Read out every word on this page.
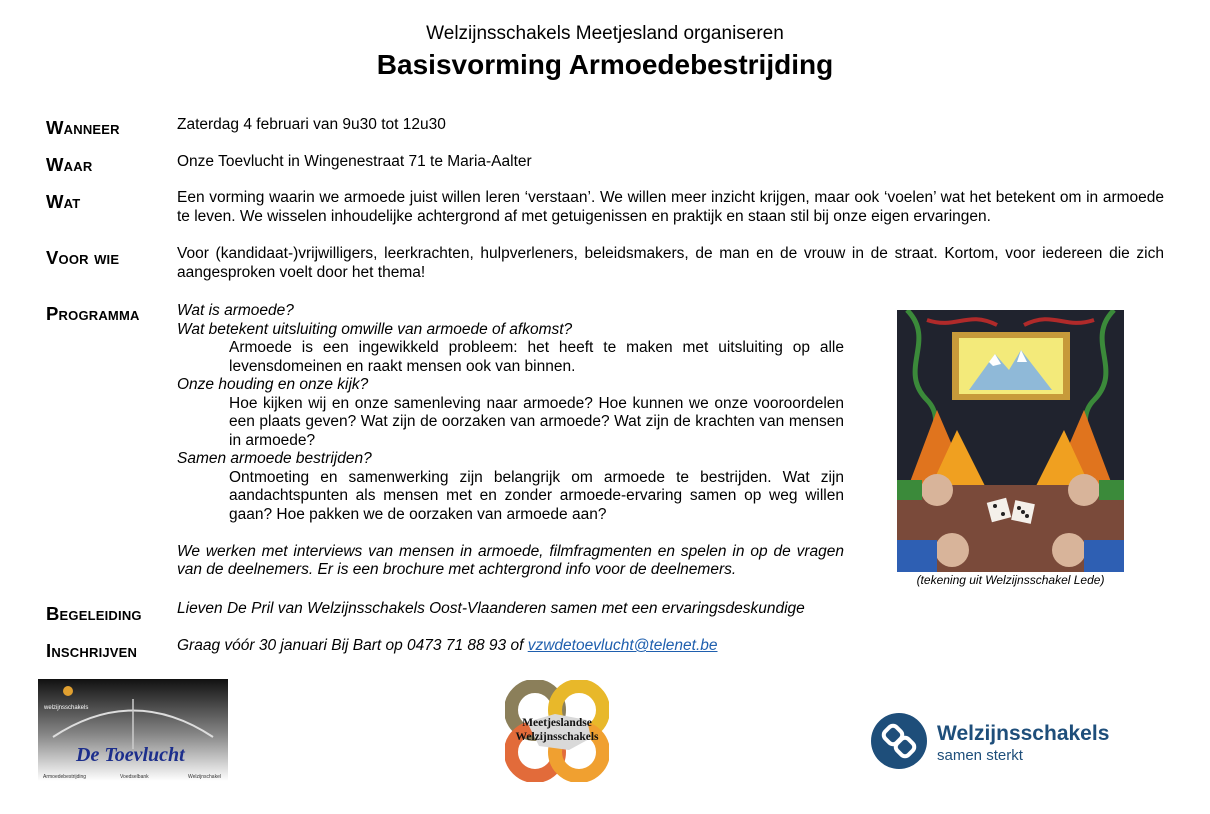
Welzijnsschakels Meetjesland organiseren
Basisvorming Armoedebestrijding
Wanneer	Zaterdag 4 februari van 9u30 tot 12u30
Waar	Onze Toevlucht in Wingenestraat 71 te Maria-Aalter
Wat	Een vorming waarin we armoede juist willen leren ‘verstaan’. We willen meer inzicht krijgen, maar ook ‘voelen’ wat het betekent om in armoede te leven. We wisselen inhoudelijke achtergrond af met getuigenissen en praktijk en staan stil bij onze eigen ervaringen.
Voor wie	Voor (kandidaat-)vrijwilligers, leerkrachten, hulpverleners, beleidsmakers, de man en de vrouw in de straat. Kortom, voor iedereen die zich aangesproken voelt door het thema!
Programma Wat is armoede?
Wat betekent uitsluiting omwille van armoede of afkomst?
Armoede is een ingewikkeld probleem: het heeft te maken met uitsluiting op alle levensdomeinen en raakt mensen ook van binnen.
Onze houding en onze kijk?
Hoe kijken wij en onze samenleving naar armoede? Hoe kunnen we onze vooroordelen een plaats geven? Wat zijn de oorzaken van armoede? Wat zijn de krachten van mensen in armoede?
Samen armoede bestrijden?
Ontmoeting en samenwerking zijn belangrijk om armoede te bestrijden. Wat zijn aandachtspunten als mensen met en zonder armoede-ervaring samen op weg willen gaan? Hoe pakken we de oorzaken van armoede aan?
We werken met interviews van mensen in armoede, filmfragmenten en spelen in op de vragen van de deelnemers. Er is een brochure met achtergrond info voor de deelnemers.
(tekening uit Welzijnsschakel Lede)
Begeleiding Lieven De Pril van Welzijnsschakels Oost-Vlaanderen samen met een ervaringsdeskundige
Inschrijven	Graag vóór 30 januari Bij Bart op 0473 71 88 93 of vzwdetoevlucht@telenet.be
welzijnsschakels
De Toevlucht
Armoedebestrijding	Voedselbank	Welzijnschakel
Meetjeslandse
Welzijnsschakels	Welzijnsschakels
samen sterkt
